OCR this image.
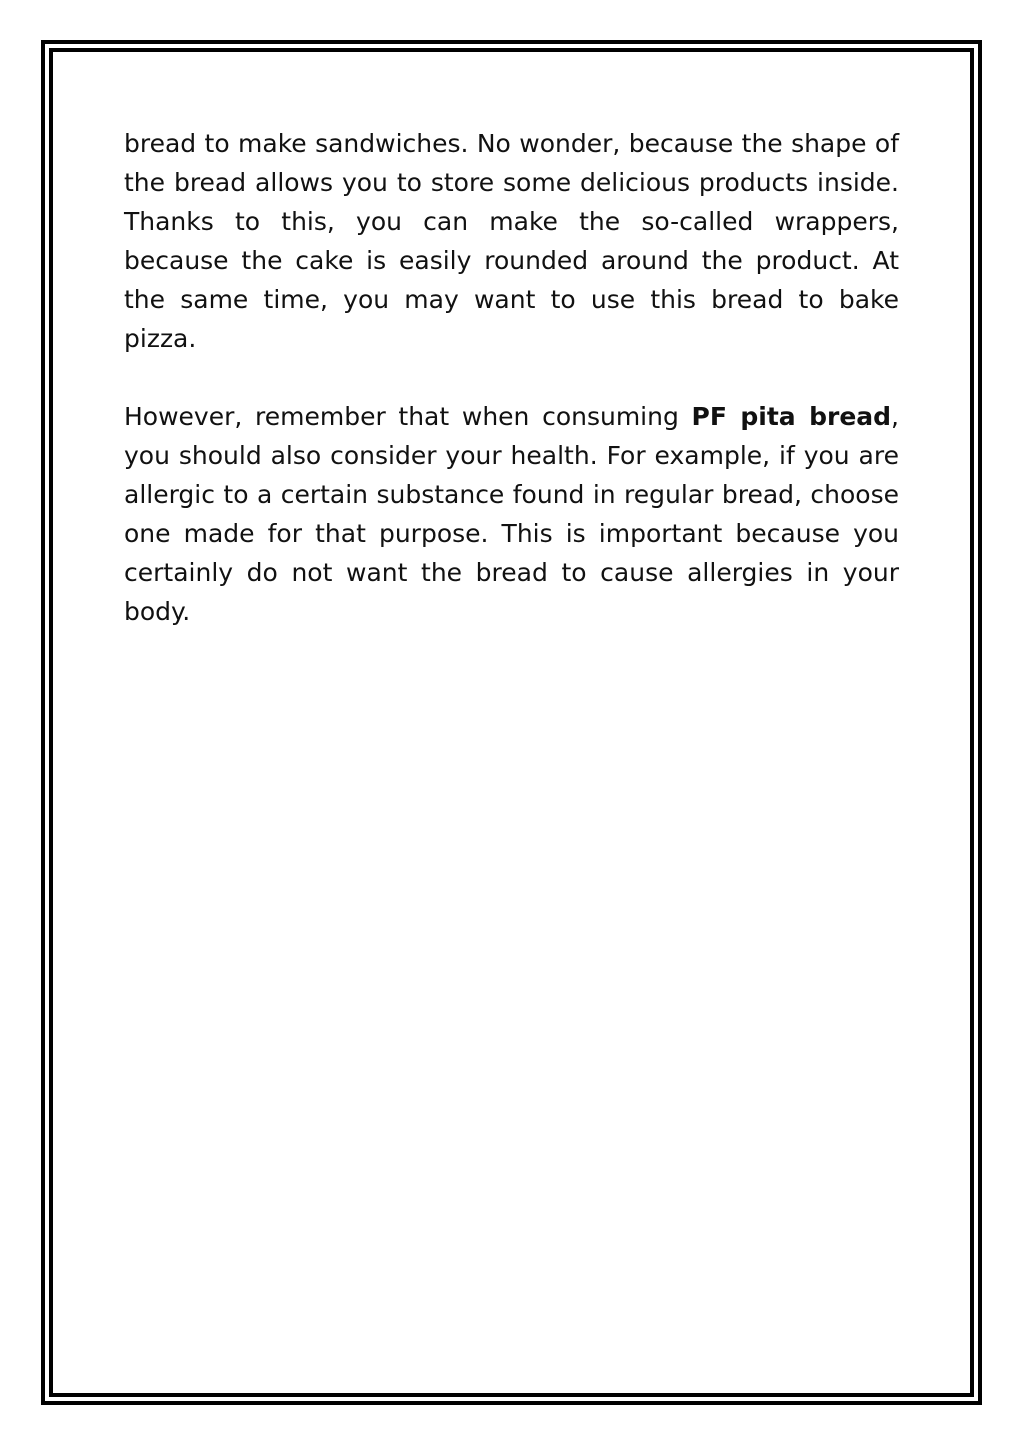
bread to make sandwiches. No wonder, because the shape of the bread allows you to store some delicious products inside. Thanks to this, you can make the so-called wrappers, because the cake is easily rounded around the product. At the same time, you may want to use this bread to bake pizza.

However, remember that when consuming PF pita bread, you should also consider your health. For example, if you are allergic to a certain substance found in regular bread, choose one made for that purpose. This is important because you certainly do not want the bread to cause allergies in your body.
